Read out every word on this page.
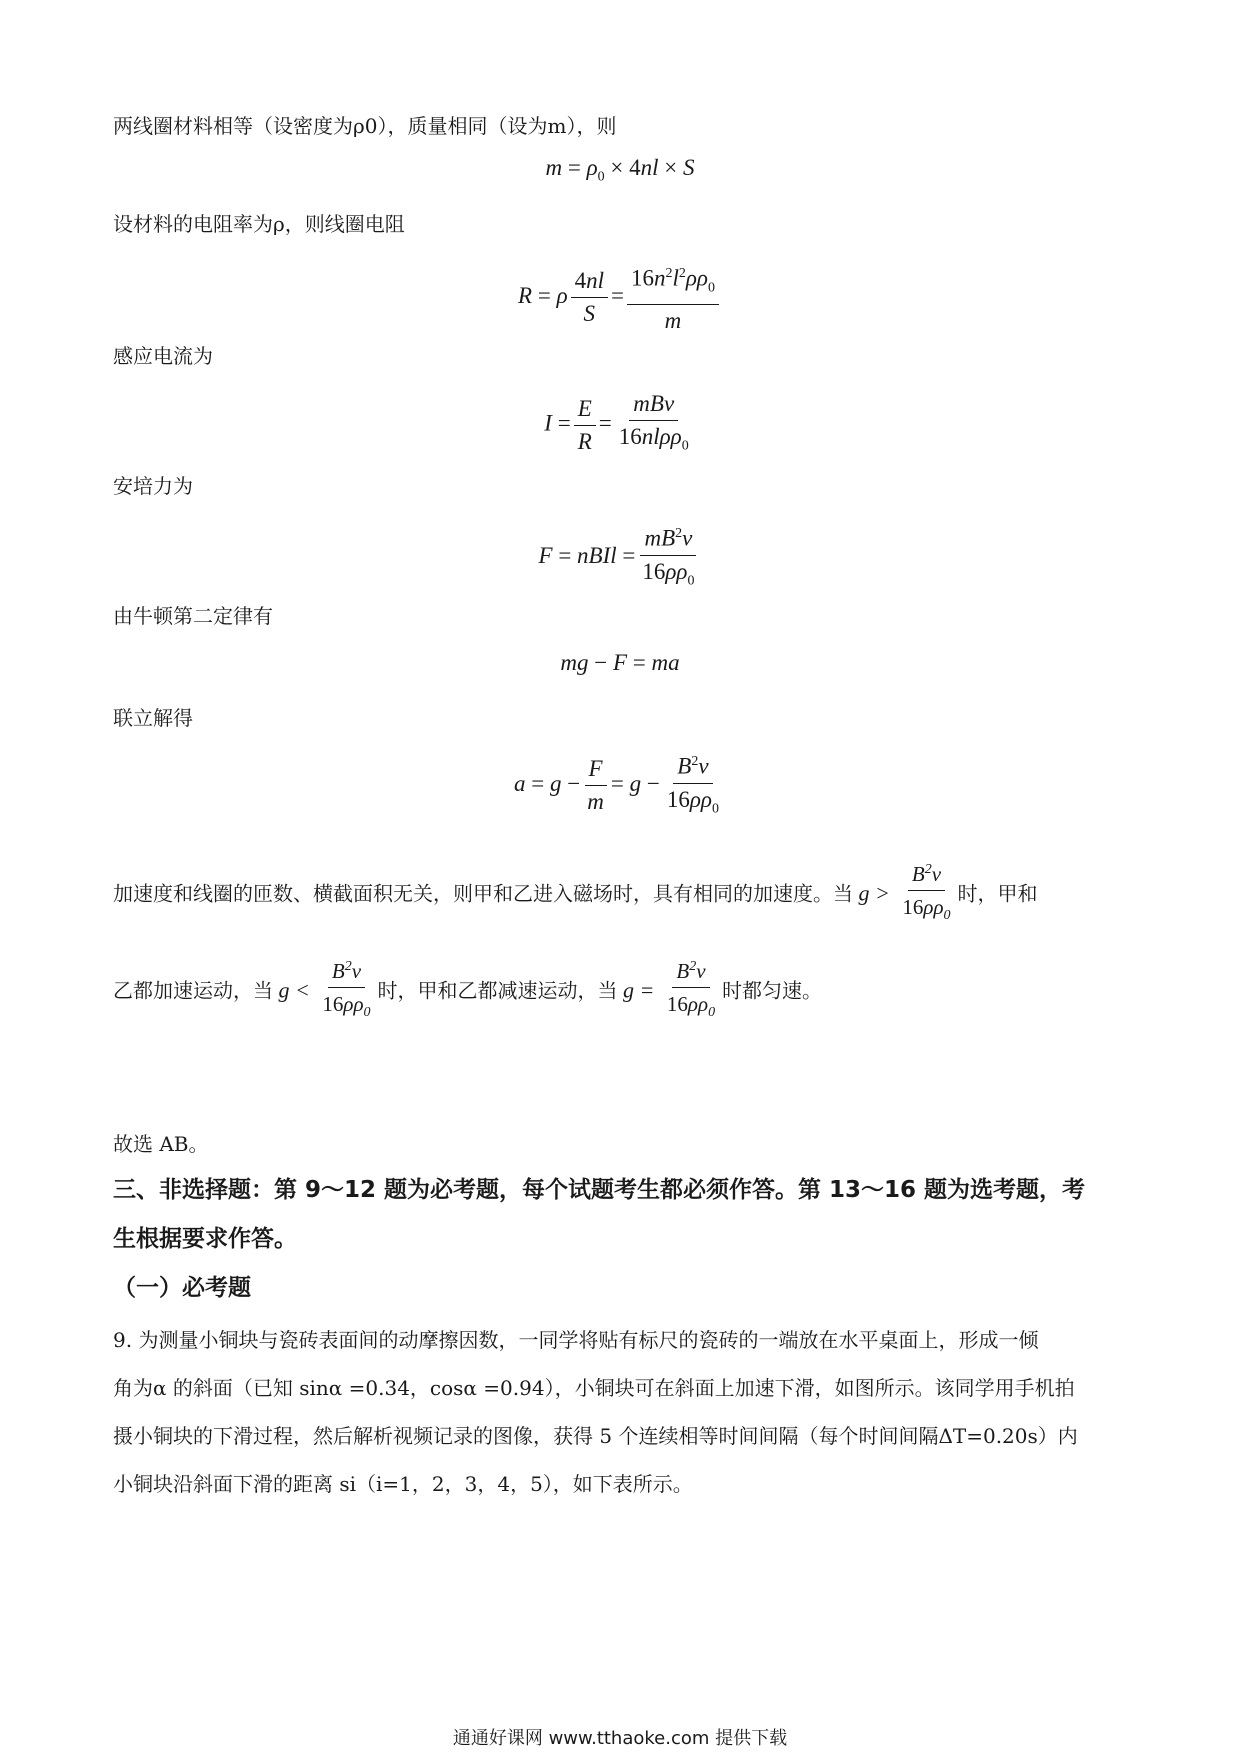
两线圈材料相等（设密度为ρ0），质量相同（设为m），则
$m = \rho_0 \times 4nl \times S$
设材料的电阻率为ρ，则线圈电阻
R = ρ $\frac{4nl}{S} = \frac{16n^2l^2\rho\rho_0}{m}$
感应电流为
$I = \frac{E}{R} = \frac{\text{mBv}}{16nl\rho\rho_0}$
安培力为
F = nBIl = $\frac{mB^2v}{16\rho\rho_0}$
由牛顿第二定律有
mg − F = ma
联立解得
$a = g - \frac{F}{m} = g - \frac{B^2v}{16\rho\rho_0}$
加速度和线圈的匝数、横截面积无关，则甲和乙进入磁场时，具有相同的加速度。当 $g > \frac{B^2v}{16\rho\rho_0}$ 时，甲和
乙都加速运动，当 $g < \frac{B^2v}{16\rho\rho_0}$ 时，甲和乙都减速运动，当 $g = \frac{B^2v}{16\rho\rho_0}$ 时都匀速。
故选 AB。
三、非选择题：第 9～12 题为必考题，每个试题考生都必须作答。第 13～16 题为选考题，考
生根据要求作答。
（一）必考题
9. 为测量小铜块与瓷砖表面间的动摩擦因数，一同学将贴有标尺的瓷砖的一端放在水平桌面上，形成一倾
角为α 的斜面（已知 sinα =0.34，cosα =0.94），小铜块可在斜面上加速下滑，如图所示。该同学用手机拍
摄小铜块的下滑过程，然后解析视频记录的图像，获得 5 个连续相等时间间隔（每个时间间隔ΔT=0.20s）内
小铜块沿斜面下滑的距离 si（i=1，2，3，4，5），如下表所示。
通通好课网 www.tthaoke.com 提供下载
